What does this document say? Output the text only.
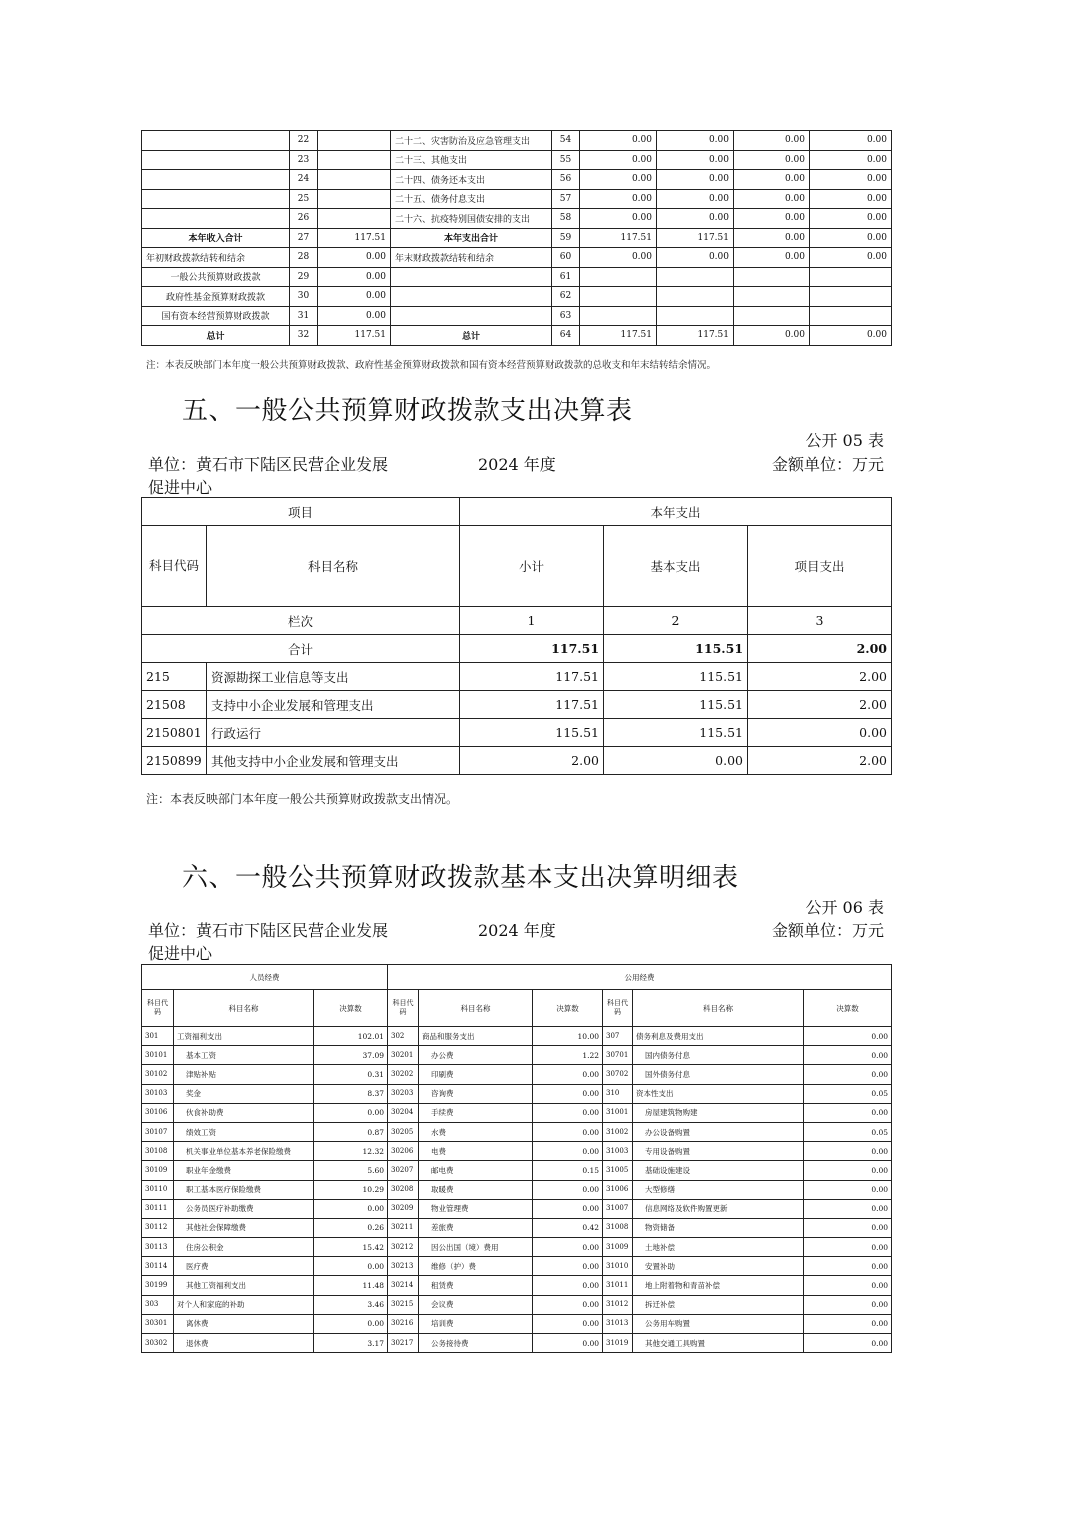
	22		二十二、灾害防治及应急管理支出	54	0.00	0.00	0.00	0.00
	23		二十三、其他支出	55	0.00	0.00	0.00	0.00
	24		二十四、债务还本支出	56	0.00	0.00	0.00	0.00
	25		二十五、债务付息支出	57	0.00	0.00	0.00	0.00
	26		二十六、抗疫特别国债安排的支出	58	0.00	0.00	0.00	0.00
本年收入合计	27	117.51	本年支出合计	59	117.51	117.51	0.00	0.00
年初财政拨款结转和结余	28	0.00	年末财政拨款结转和结余	60	0.00	0.00	0.00	0.00
一般公共预算财政拨款	29	0.00		61				
政府性基金预算财政拨款	30	0.00		62				
国有资本经营预算财政拨款	31	0.00		63				
总计	32	117.51	总计	64	117.51	117.51	0.00	0.00
注：本表反映部门本年度一般公共预算财政拨款、政府性基金预算财政拨款和国有资本经营预算财政拨款的总收支和年末结转结余情况。
五、一般公共预算财政拨款支出决算表
公开 05 表
单位：黄石市下陆区民营企业发展	2024 年度	金额单位：万元
促进中心
项目		本年支出		
科目代码	科目名称	小计	基本支出	项目支出
栏次		1	2	3
合计		117.51	115.51	2.00
215	资源勘探工业信息等支出	117.51	115.51	2.00
21508	支持中小企业发展和管理支出	117.51	115.51	2.00
2150801	行政运行	115.51	115.51	0.00
2150899	其他支持中小企业发展和管理支出	2.00	0.00	2.00
注：本表反映部门本年度一般公共预算财政拨款支出情况。
六、一般公共预算财政拨款基本支出决算明细表
公开 06 表
单位：黄石市下陆区民营企业发展	2024 年度	金额单位：万元
促进中心
人员经费			公用经费					
科目代码	科目名称	决算数	科目代码	科目名称	决算数	科目代码	科目名称	决算数
301	工资福利支出	102.01	302	商品和服务支出	10.00	307	债务利息及费用支出	0.00
30101	基本工资	37.09	30201	办公费	1.22	30701	国内债务付息	0.00
30102	津贴补贴	0.31	30202	印刷费	0.00	30702	国外债务付息	0.00
30103	奖金	8.37	30203	咨询费	0.00	310	资本性支出	0.05
30106	伙食补助费	0.00	30204	手续费	0.00	31001	房屋建筑物购建	0.00
30107	绩效工资	0.87	30205	水费	0.00	31002	办公设备购置	0.05
30108	机关事业单位基本养老保险缴费	12.32	30206	电费	0.00	31003	专用设备购置	0.00
30109	职业年金缴费	5.60	30207	邮电费	0.15	31005	基础设施建设	0.00
30110	职工基本医疗保险缴费	10.29	30208	取暖费	0.00	31006	大型修缮	0.00
30111	公务员医疗补助缴费	0.00	30209	物业管理费	0.00	31007	信息网络及软件购置更新	0.00
30112	其他社会保障缴费	0.26	30211	差旅费	0.42	31008	物资储备	0.00
30113	住房公积金	15.42	30212	因公出国（境）费用	0.00	31009	土地补偿	0.00
30114	医疗费	0.00	30213	维修（护）费	0.00	31010	安置补助	0.00
30199	其他工资福利支出	11.48	30214	租赁费	0.00	31011	地上附着物和青苗补偿	0.00
303	对个人和家庭的补助	3.46	30215	会议费	0.00	31012	拆迁补偿	0.00
30301	离休费	0.00	30216	培训费	0.00	31013	公务用车购置	0.00
30302	退休费	3.17	30217	公务接待费	0.00	31019	其他交通工具购置	0.00
